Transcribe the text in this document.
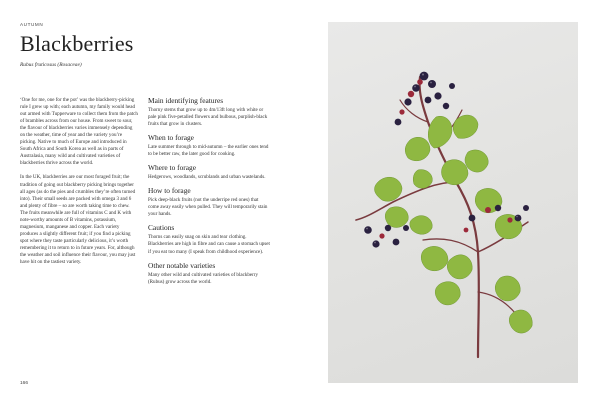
AUTUMN
Blackberries
Rubus fruticosus (Rosaceae)

‘One for me, one for the pot’ was the blackberry-picking rule I grew up with; each autumn, my family would head out armed with Tupperware to collect them from the patch of brambles across from our house. From sweet to sour, the flavour of blackberries varies immensely depending on the weather, time of year and the variety you’re picking. Native to much of Europe and introduced in South Africa and South Korea as well as in parts of Australasia, many wild and cultivated varieties of blackberries thrive across the world.

In the UK, blackberries are our most foraged fruit; the tradition of going out blackberry picking brings together all ages (as do the pies and crumbles they’re often turned into). Their small seeds are packed with omega 3 and 6 and plenty of fibre – so are worth taking time to chew. The fruits meanwhile are full of vitamins C and K with note-worthy amounts of B vitamins, potassium, magnesium, manganese and copper. Each variety produces a slightly different fruit; if you find a picking spot where they taste particularly delicious, it’s worth remembering it to return to in future years. For, although the weather and soil influence their flavour, you may just have hit on the tastiest variety.

Main identifying features

Thorny stems that grow up to 4m/13ft long with white or pale pink five-petalled flowers and bulbous, purplish-black fruits that grow in clusters.

When to forage

Late summer through to mid-autumn – the earlier ones tend to be better raw, the later good for cooking.

Where to forage

Hedgerows, woodlands, scrublands and urban wastelands.

How to forage

Pick deep-black fruits (not the underripe red ones) that come away easily when pulled. They will temporarily stain your hands.

Cautions

Thorns can easily snag on skin and tear clothing. Blackberries are high in fibre and can cause a stomach upset if you eat too many (I speak from childhood experience).

Other notable varieties

Many other wild and cultivated varieties of blackberry (Rubus) grow across the world.

166
